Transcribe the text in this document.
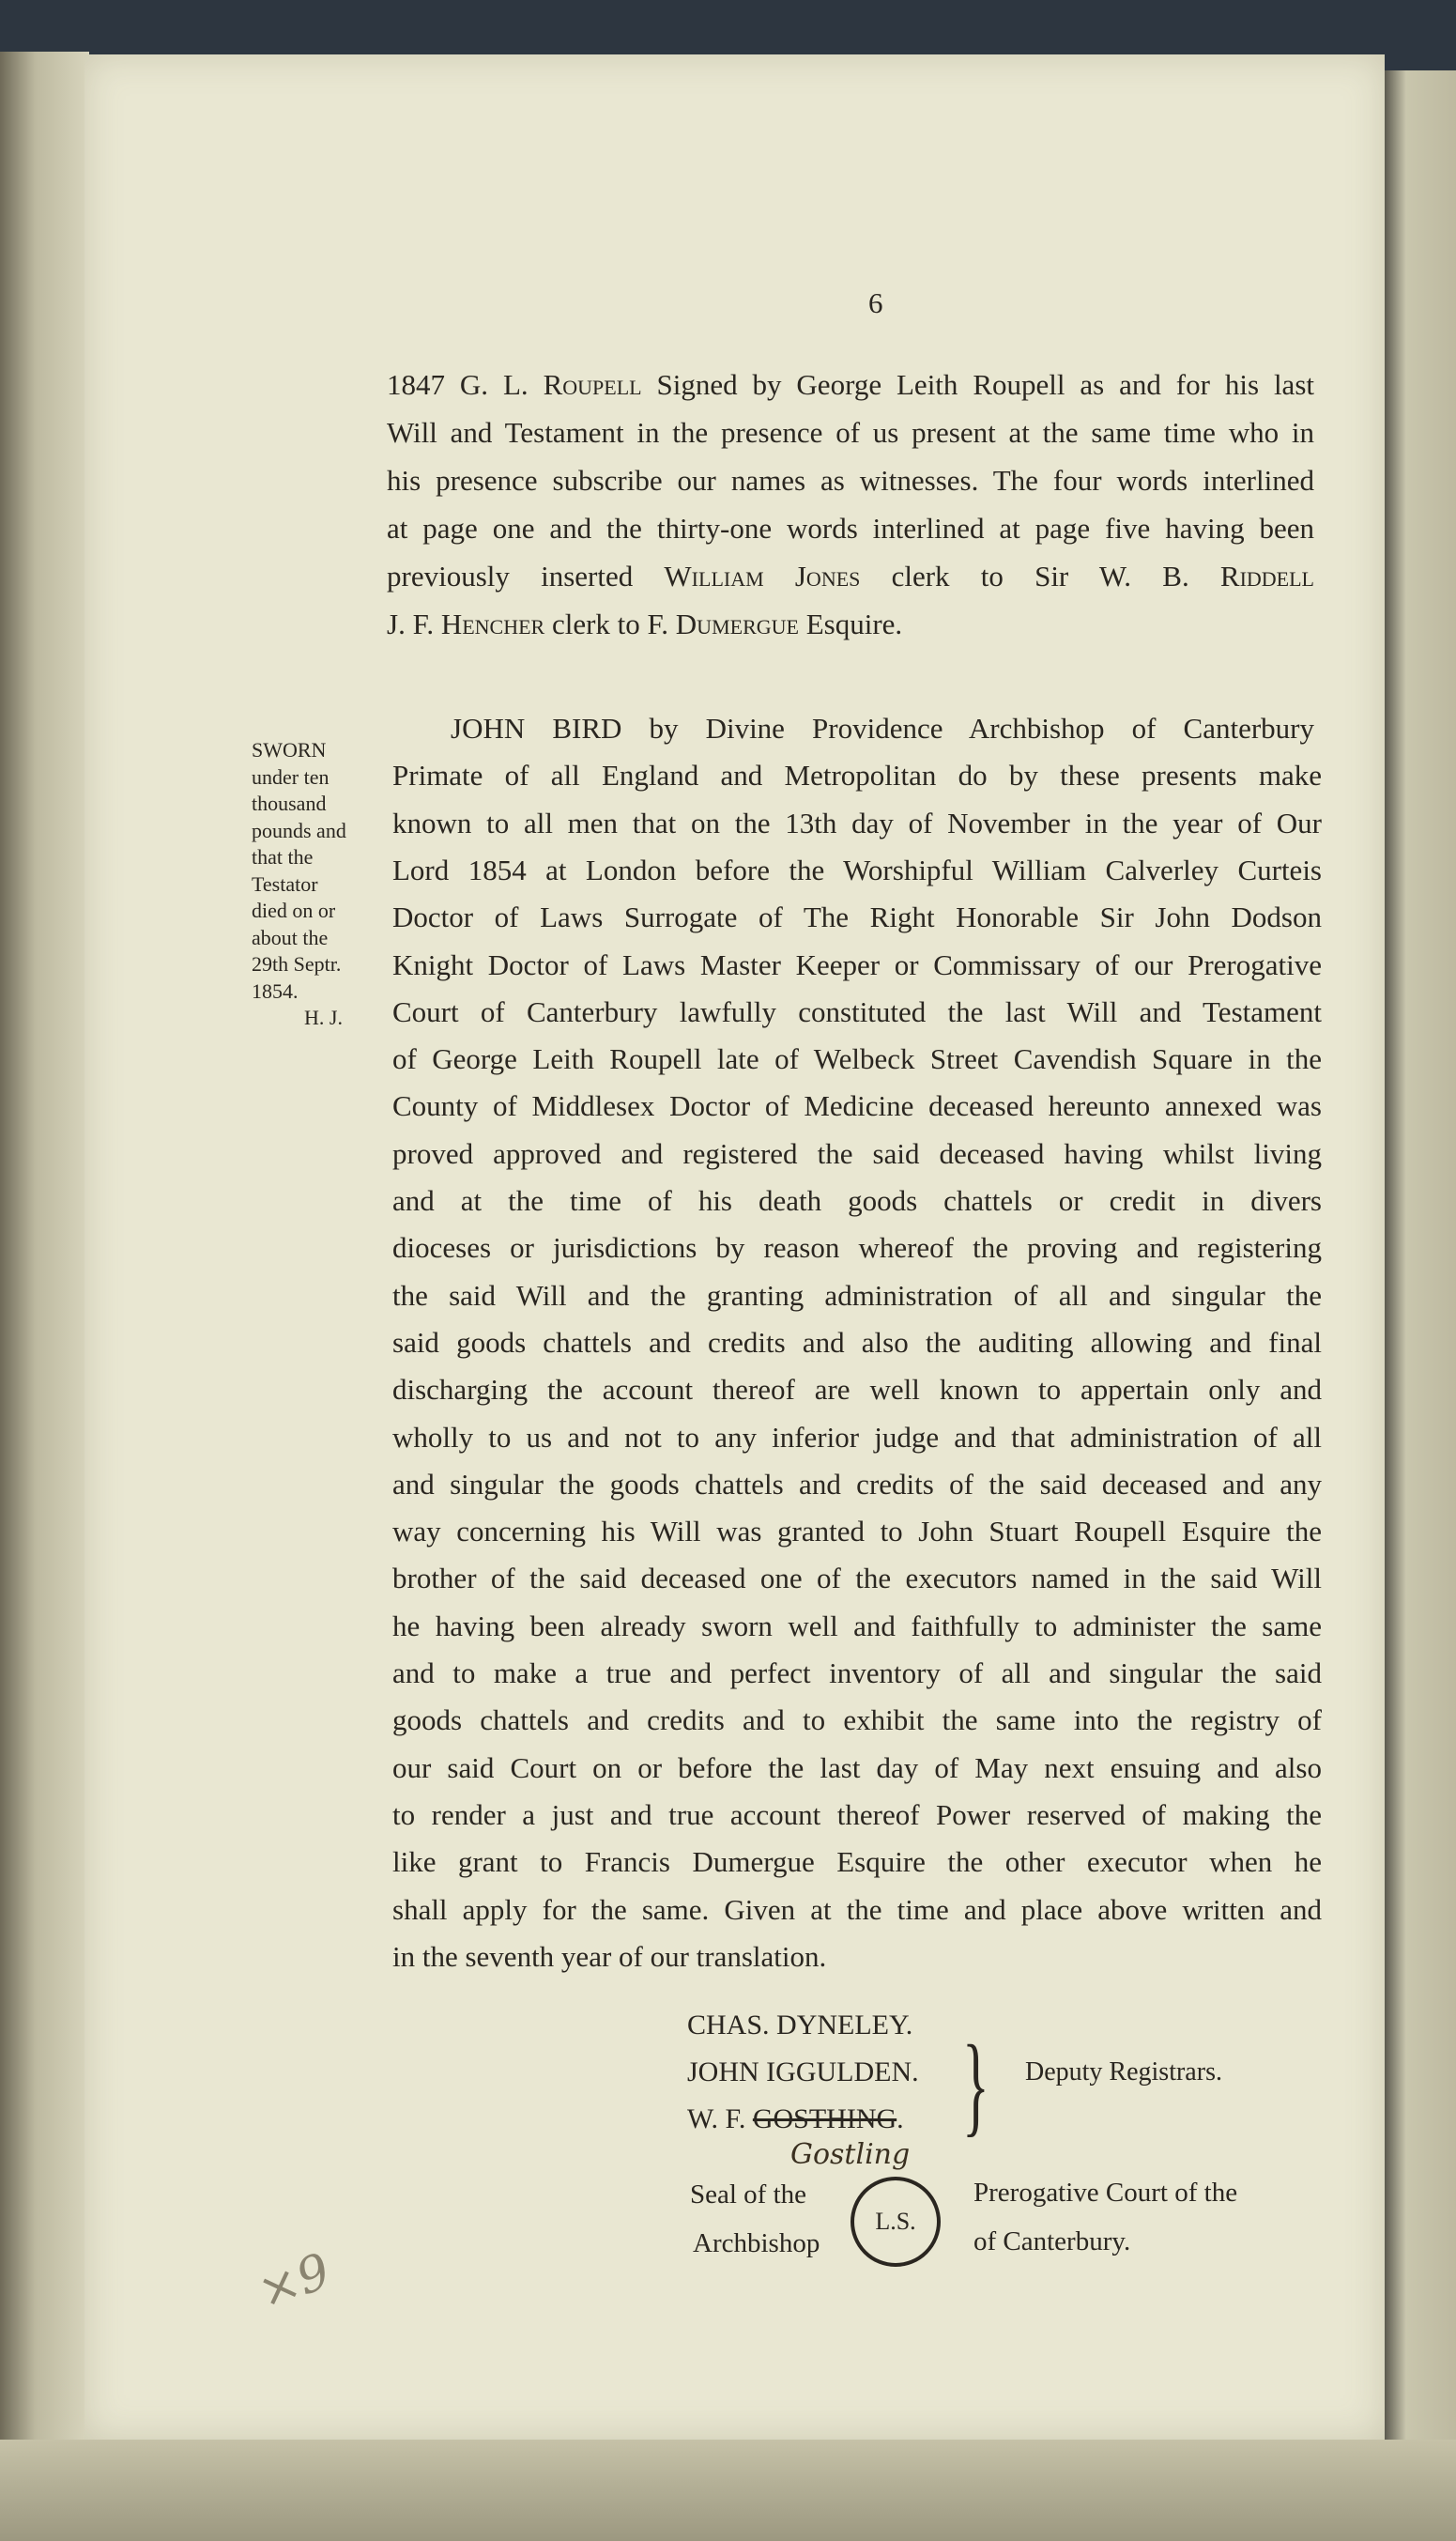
6
1847 G. L. Roupell Signed by George Leith Roupell as and for his last
Will and Testament in the presence of us present at the same time who in
his presence subscribe our names as witnesses. The four words interlined
at page one and the thirty-one words interlined at page five having been
previously inserted William Jones clerk to Sir W. B. Riddell
J. F. Hencher clerk to F. Dumergue Esquire.
SWORN
under ten
thousand
pounds and
that the
Testator
died on or
about the
29th Septr.
1854.
H. J.
JOHN BIRD by Divine Providence Archbishop of Canterbury
Primate of all England and Metropolitan do by these presents make
known to all men that on the 13th day of November in the year of Our
Lord 1854 at London before the Worshipful William Calverley Curteis
Doctor of Laws Surrogate of The Right Honorable Sir John Dodson
Knight Doctor of Laws Master Keeper or Commissary of our Prerogative
Court of Canterbury lawfully constituted the last Will and Testament
of George Leith Roupell late of Welbeck Street Cavendish Square in the
County of Middlesex Doctor of Medicine deceased hereunto annexed was
proved approved and registered the said deceased having whilst living
and at the time of his death goods chattels or credit in divers
dioceses or jurisdictions by reason whereof the proving and registering
the said Will and the granting administration of all and singular the
said goods chattels and credits and also the auditing allowing and final
discharging the account thereof are well known to appertain only and
wholly to us and not to any inferior judge and that administration of all
and singular the goods chattels and credits of the said deceased and any
way concerning his Will was granted to John Stuart Roupell Esquire the
brother of the said deceased one of the executors named in the said Will
he having been already sworn well and faithfully to administer the same
and to make a true and perfect inventory of all and singular the said
goods chattels and credits and to exhibit the same into the registry of
our said Court on or before the last day of May next ensuing and also
to render a just and true account thereof Power reserved of making the
like grant to Francis Dumergue Esquire the other executor when he
shall apply for the same. Given at the time and place above written and
in the seventh year of our translation.
CHAS. DYNELEY.
JOHN IGGULDEN.
W. F. GOSTHING. } Deputy Registrars.
Gostling
Seal of the
Archbishop
L.S.
Prerogative Court of the
of Canterbury.
×9
